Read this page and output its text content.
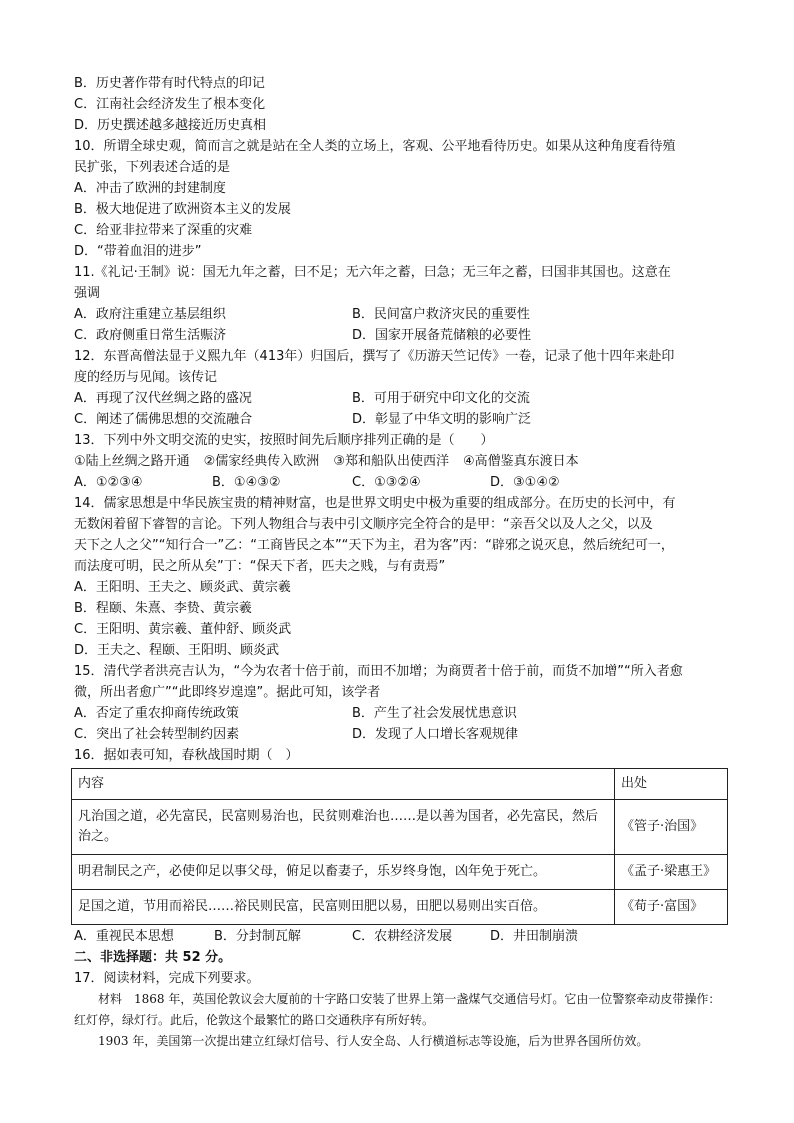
B．历史著作带有时代特点的印记

C．江南社会经济发生了根本变化

D．历史撰述越多越接近历史真相

10．所谓全球史观，简而言之就是站在全人类的立场上，客观、公平地看待历史。如果从这种角度看待殖

民扩张，下列表述合适的是

A．冲击了欧洲的封建制度

B．极大地促进了欧洲资本主义的发展

C．给亚非拉带来了深重的灾难

D．“带着血泪的进步”

11.《礼记·王制》说：国无九年之蓄，曰不足；无六年之蓄，曰急；无三年之蓄，曰国非其国也。这意在

强调

A．政府注重建立基层组织	B．民间富户救济灾民的重要性
C．政府侧重日常生活赈济	D．国家开展备荒储粮的必要性

12．东晋高僧法显于义熙九年（413年）归国后，撰写了《历游天竺记传》一卷，记录了他十四年来赴印

度的经历与见闻。该传记

A．再现了汉代丝绸之路的盛况	B．可用于研究中印文化的交流
C．阐述了儒佛思想的交流融合	D．彰显了中华文明的影响广泛

13．下列中外文明交流的史实，按照时间先后顺序排列正确的是（　　）

①陆上丝绸之路开通 ②儒家经典传入欧洲 ③郑和船队出使西洋 ④高僧鉴真东渡日本
A．①②③④	B．①④③②	C．①③②④	D．③①④②

14．儒家思想是中华民族宝贵的精神财富，也是世界文明史中极为重要的组成部分。在历史的长河中，有

无数闲着留下睿智的言论。下列人物组合与表中引文顺序完全符合的是甲：“亲吾父以及人之父，以及

天下之人之父”“知行合一”乙：“工商皆民之本”“天下为主，君为客”丙：“辟邪之说灭息，然后统纪可一，

而法度可明，民之所从矣”丁：“保天下者，匹夫之贱，与有责焉”

A．王阳明、王夫之、顾炎武、黄宗羲

B．程颐、朱熹、李贽、黄宗羲

C．王阳明、黄宗羲、董仲舒、顾炎武

D．王夫之、程颐、王阳明、顾炎武

15．清代学者洪亮吉认为，“今为农者十倍于前，而田不加增；为商贾者十倍于前，而货不加增”“所入者愈

微，所出者愈广”“此即终岁遑遑”。据此可知，该学者

A．否定了重农抑商传统政策	B．产生了社会发展忧患意识
C．突出了社会转型制约因素	D．发现了人口增长客观规律

16．据如表可知，春秋战国时期（　）

内容	出处
凡治国之道，必先富民，民富则易治也，民贫则难治也……是以善为国者，必先富民，然后治之。	《管子·治国》
明君制民之产，必使仰足以事父母，俯足以畜妻子，乐岁终身饱，凶年免于死亡。	《孟子·梁惠王》
足国之道，节用而裕民……裕民则民富，民富则田肥以易，田肥以易则出实百倍。	《荀子·富国》
A．重视民本思想	B．分封制瓦解	C．农耕经济发展	D．井田制崩溃

二、非选择题：共 52 分。

17．阅读材料，完成下列要求。

材料　1868 年，英国伦敦议会大厦前的十字路口安装了世界上第一盏煤气交通信号灯。它由一位警察牵动皮带操作：红灯停，绿灯行。此后，伦敦这个最繁忙的路口交通秩序有所好转。

1903 年，美国第一次提出建立红绿灯信号、行人安全岛、人行横道标志等设施，后为世界各国所仿效。
